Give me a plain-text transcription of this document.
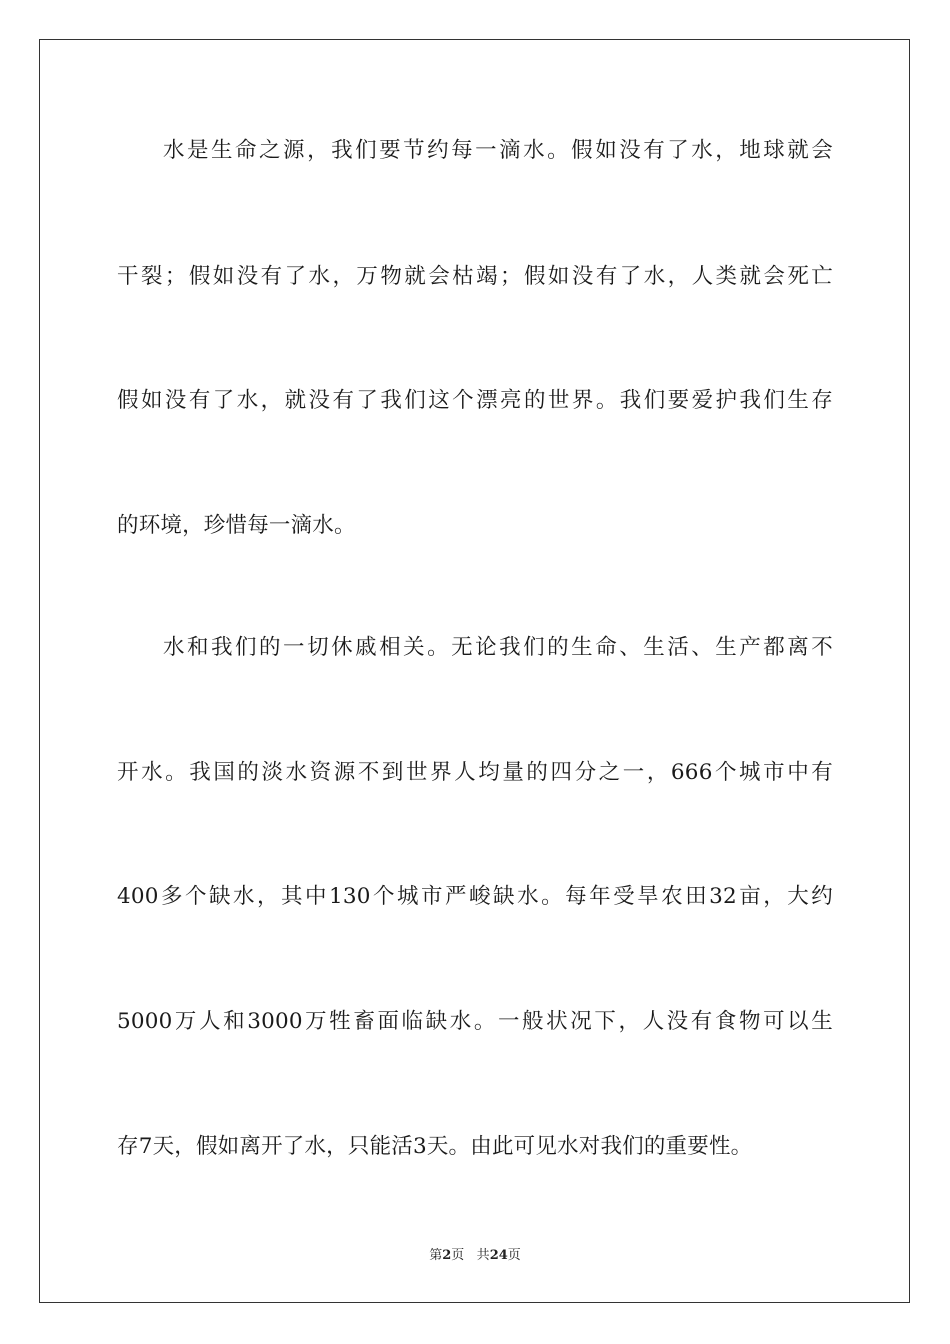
水是生命之源，我们要节约每一滴水。假如没有了水，地球就会
干裂；假如没有了水，万物就会枯竭；假如没有了水，人类就会死亡
假如没有了水，就没有了我们这个漂亮的世界。我们要爱护我们生存
的环境，珍惜每一滴水。
水和我们的一切休戚相关。无论我们的生命、生活、生产都离不
开水。我国的淡水资源不到世界人均量的四分之一，666个城市中有
400多个缺水，其中130个城市严峻缺水。每年受旱农田32亩，大约
5000万人和3000万牲畜面临缺水。一般状况下，人没有食物可以生
存7天，假如离开了水，只能活3天。由此可见水对我们的重要性。
第2页 共24页
